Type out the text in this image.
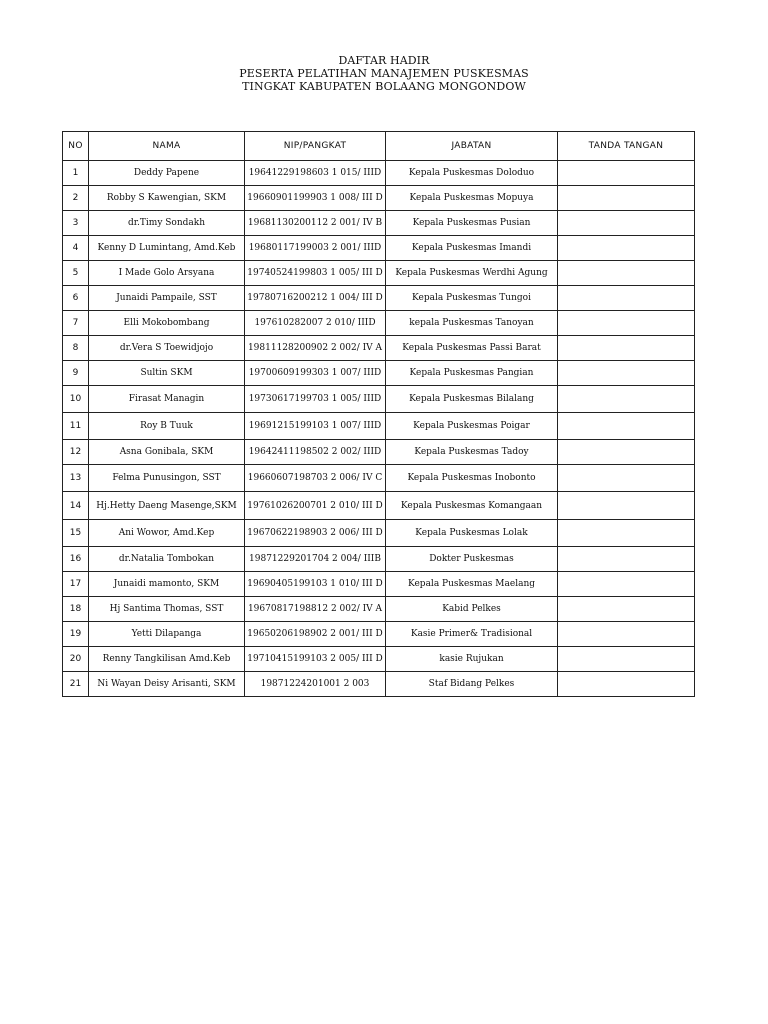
DAFTAR HADIR
PESERTA PELATIHAN MANAJEMEN PUSKESMAS
TINGKAT KABUPATEN BOLAANG MONGONDOW
NO	NAMA	NIP/PANGKAT	JABATAN	TANDA TANGAN
1	Deddy Papene	19641229198603 1 015/ IIID	Kepala Puskesmas Doloduo	
2	Robby S Kawengian, SKM	19660901199903 1 008/ III D	Kepala Puskesmas Mopuya	
3	dr.Timy Sondakh	19681130200112 2 001/ IV B	Kepala Puskesmas Pusian	
4	Kenny D Lumintang, Amd.Keb	19680117199003 2 001/ IIID	Kepala Puskesmas Imandi	
5	I Made Golo Arsyana	19740524199803 1 005/ III D	Kepala Puskesmas Werdhi Agung	
6	Junaidi Pampaile, SST	19780716200212 1 004/ III D	Kepala Puskesmas Tungoi	
7	Elli Mokobombang	197610282007 2 010/ IIID	kepala Puskesmas Tanoyan	
8	dr.Vera S Toewidjojo	19811128200902 2 002/ IV A	Kepala Puskesmas Passi Barat	
9	Sultin SKM	19700609199303 1 007/ IIID	Kepala Puskesmas Pangian	
10	Firasat Managin	19730617199703 1 005/ IIID	Kepala Puskesmas Bilalang	
11	Roy B Tuuk	19691215199103 1 007/ IIID	Kepala Puskesmas Poigar	
12	Asna Gonibala, SKM	19642411198502 2 002/ IIID	Kepala Puskesmas Tadoy	
13	Felma Punusingon, SST	19660607198703 2 006/ IV C	Kepala Puskesmas Inobonto	
14	Hj.Hetty Daeng Masenge,SKM	19761026200701 2 010/ III D	Kepala Puskesmas Komangaan	
15	Ani Wowor, Amd.Kep	19670622198903 2 006/ III D	Kepala Puskesmas Lolak	
16	dr.Natalia Tombokan	19871229201704 2 004/ IIIB	Dokter Puskesmas	
17	Junaidi mamonto, SKM	19690405199103 1 010/ III D	Kepala Puskesmas Maelang	
18	Hj Santima Thomas, SST	19670817198812 2 002/ IV A	Kabid Pelkes	
19	Yetti Dilapanga	19650206198902 2 001/ III D	Kasie Primer& Tradisional	
20	Renny Tangkilisan Amd.Keb	19710415199103 2 005/ III D	kasie Rujukan	
21	Ni Wayan Deisy Arisanti, SKM	19871224201001 2 003	Staf Bidang Pelkes	
